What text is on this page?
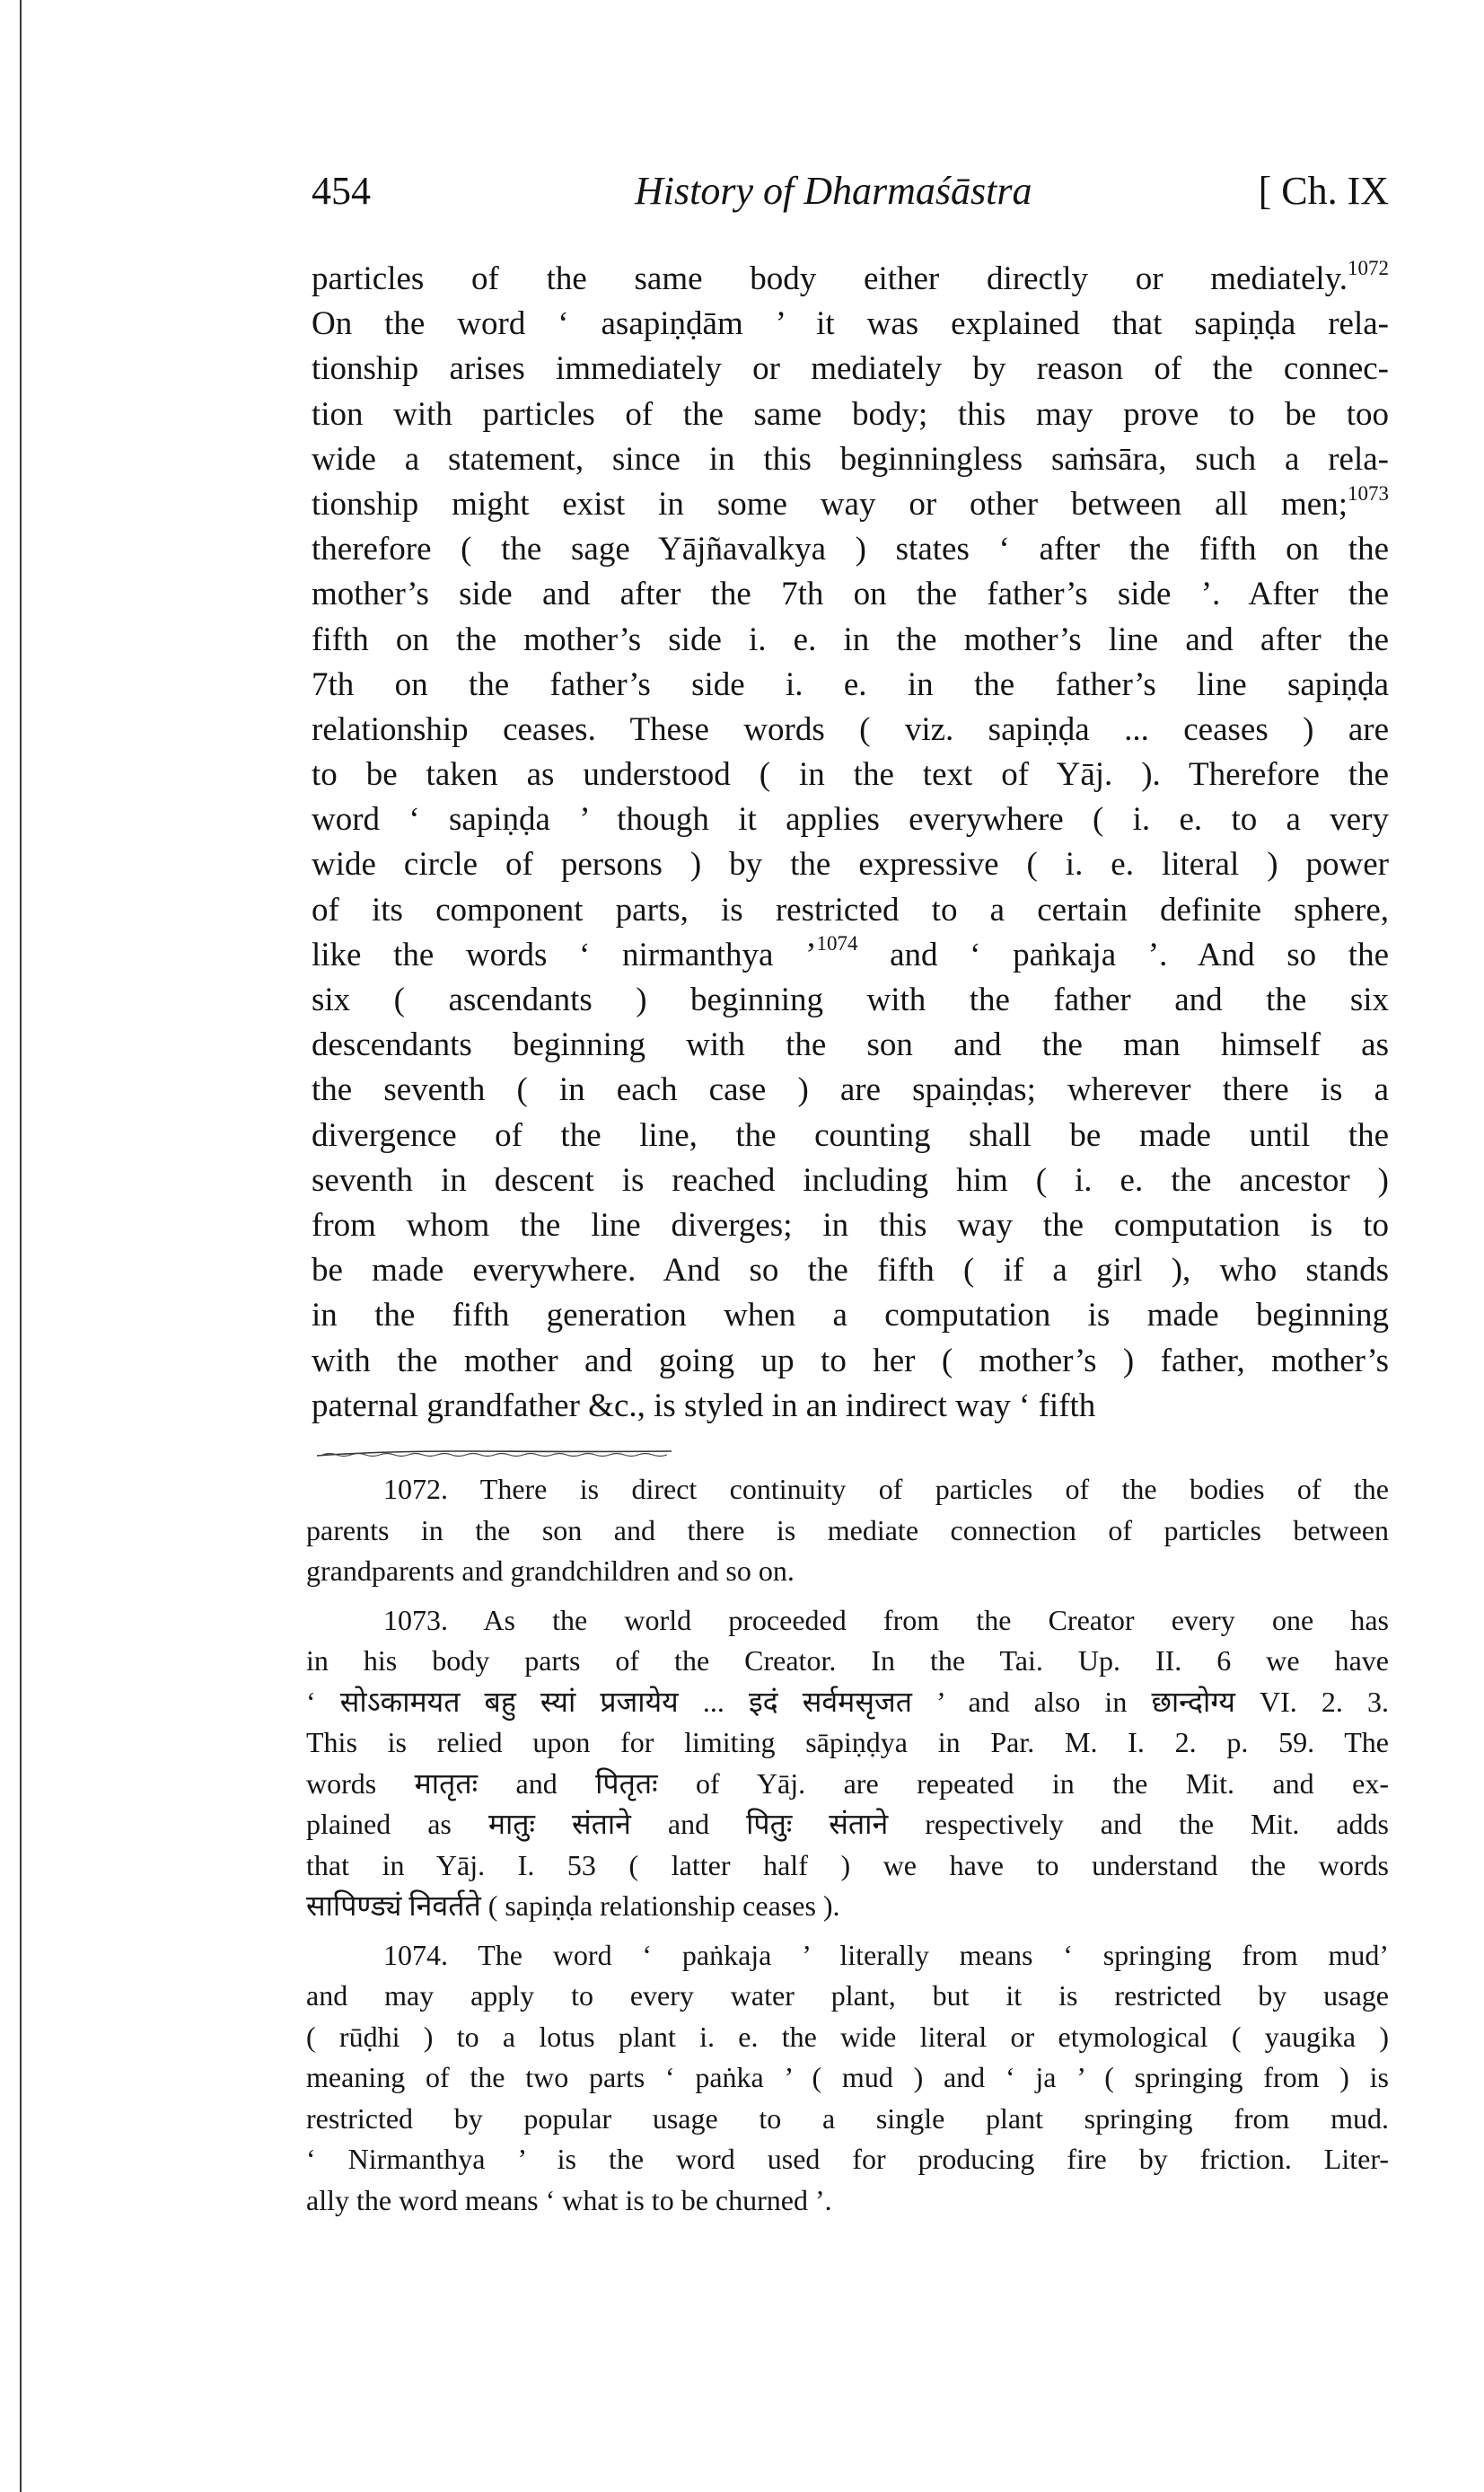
454	History of Dharmaśāstra	[ Ch. IX
particles of the same body either directly or mediately.$^{1072}$
On the word ‘ asapiṇḍām ’ it was explained that sapiṇḍa rela-
tionship arises immediately or mediately by reason of the connec-
tion with particles of the same body; this may prove to be too
wide a statement, since in this beginningless saṁsāra, such a rela-
tionship might exist in some way or other between all men;$^{1073}$
therefore ( the sage Yājñavalkya ) states ‘ after the fifth on the
mother’s side and after the 7th on the father’s side ’. After the
fifth on the mother’s side i. e. in the mother’s line and after the
7th on the father’s side i. e. in the father’s line sapiṇḍa
relationship ceases. These words ( viz. sapiṇḍa ... ceases ) are
to be taken as understood ( in the text of Yāj. ). Therefore the
word ‘ sapiṇḍa ’ though it applies everywhere ( i. e. to a very
wide circle of persons ) by the expressive ( i. e. literal ) power
of its component parts, is restricted to a certain definite sphere,
like the words ‘ nirmanthya ’$^{1074}$ and ‘ paṅkaja ’. And so the
six ( ascendants ) beginning with the father and the six
descendants beginning with the son and the man himself as
the seventh ( in each case ) are spaiṇḍas; wherever there is a
divergence of the line, the counting shall be made until the
seventh in descent is reached including him ( i. e. the ancestor )
from whom the line diverges; in this way the computation is to
be made everywhere. And so the fifth ( if a girl ), who stands
in the fifth generation when a computation is made beginning
with the mother and going up to her ( mother’s ) father, mother’s
paternal grandfather &c., is styled in an indirect way ‘ fifth
1072. There is direct continuity of particles of the bodies of the
parents in the son and there is mediate connection of particles between
grandparents and grandchildren and so on.
1073. As the world proceeded from the Creator every one has
in his body parts of the Creator. In the Tai. Up. II. 6 we have
‘ सोऽकामयत बहु स्यां प्रजायेय ... इदं सर्वमसृजत ’ and also in छान्दोग्य VI. 2. 3.
This is relied upon for limiting sāpiṇḍya in Par. M. I. 2. p. 59. The
words मातृतः and पितृतः of Yāj. are repeated in the Mit. and ex-
plained as मातुः संताने and पितुः संताने respectively and the Mit. adds
that in Yāj. I. 53 ( latter half ) we have to understand the words
सापिण्ड्यं निवर्तते ( sapiṇḍa relationship ceases ).
1074. The word ‘ paṅkaja ’ literally means ‘ springing from mud’
and may apply to every water plant, but it is restricted by usage
( rūḍhi ) to a lotus plant i. e. the wide literal or etymological ( yaugika )
meaning of the two parts ‘ paṅka ’ ( mud ) and ‘ ja ’ ( springing from ) is
restricted by popular usage to a single plant springing from mud.
‘ Nirmanthya ’ is the word used for producing fire by friction. Liter-
ally the word means ‘ what is to be churned ’.
